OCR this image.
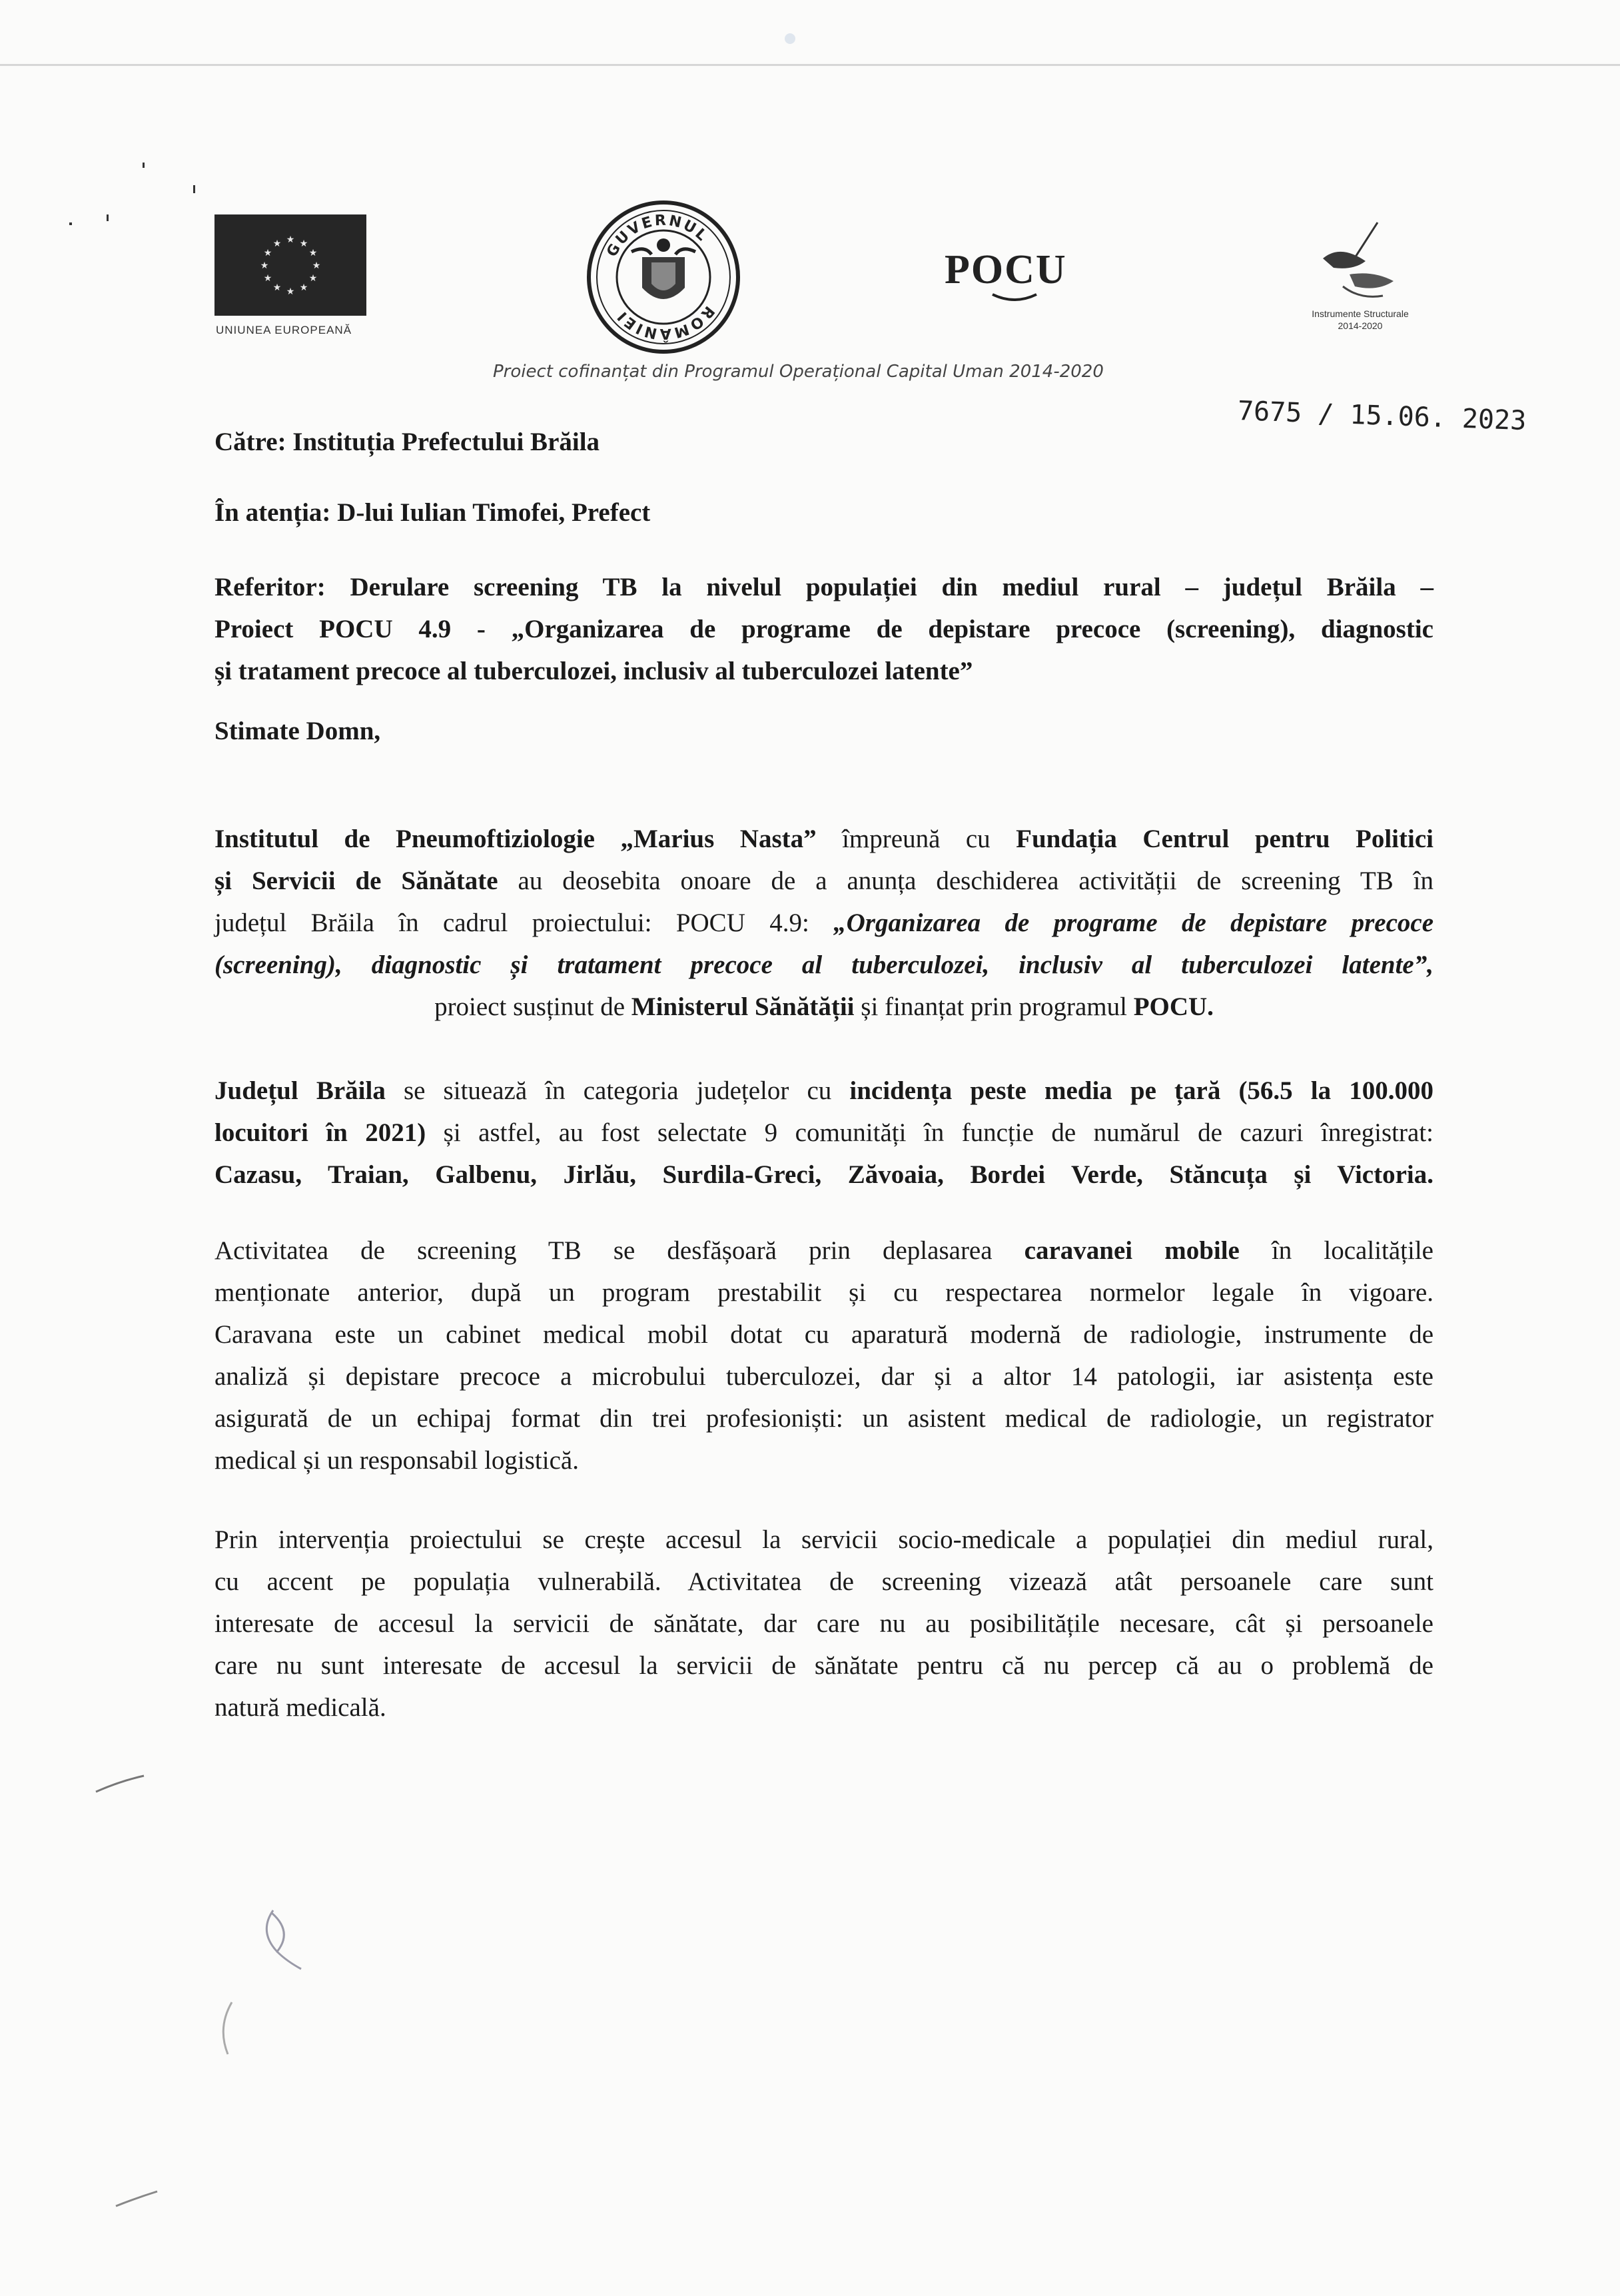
★ ★
★
★
★
★
★
★
★
★
★
★
UNIUNEA EUROPEANĂ
GUVERNUL
ROMÂNIEI
POCU
Instrumente Structurale
2014-2020
Proiect cofinanțat din Programul Operațional Capital Uman 2014-2020
7675 / 15.06. 2023

Către: Instituția Prefectului Brăila

În atenția: D-lui Iulian Timofei, Prefect

Referitor: Derulare screening TB la nivelul populației din mediul rural – județul Brăila –
Proiect POCU 4.9 - „Organizarea de programe de depistare precoce (screening), diagnostic
și tratament precoce al tuberculozei, inclusiv al tuberculozei latente”

Stimate Domn,

Institutul de Pneumoftiziologie „Marius Nasta” împreună cu Fundația Centrul pentru Politici
și Servicii de Sănătate au deosebita onoare de a anunța deschiderea activității de screening TB în
județul Brăila în cadrul proiectului: POCU 4.9: „Organizarea de programe de depistare precoce
(screening), diagnostic și tratament precoce al tuberculozei, inclusiv al tuberculozei latente”,
proiect susținut de Ministerul Sănătății și finanțat prin programul POCU.
Județul Brăila se situează în categoria județelor cu incidența peste media pe țară (56.5 la 100.000
locuitori în 2021) și astfel, au fost selectate 9 comunități în funcție de numărul de cazuri înregistrat:
Cazasu, Traian, Galbenu, Jirlău, Surdila-Greci, Zăvoaia, Bordei Verde, Stăncuța și Victoria.
Activitatea de screening TB se desfășoară prin deplasarea caravanei mobile în localitățile
menționate anterior, după un program prestabilit și cu respectarea normelor legale în vigoare.
Caravana este un cabinet medical mobil dotat cu aparatură modernă de radiologie, instrumente de
analiză și depistare precoce a microbului tuberculozei, dar și a altor 14 patologii, iar asistența este
asigurată de un echipaj format din trei profesioniști: un asistent medical de radiologie, un registrator
medical și un responsabil logistică.
Prin intervenția proiectului se crește accesul la servicii socio-medicale a populației din mediul rural,
cu accent pe populația vulnerabilă. Activitatea de screening vizează atât persoanele care sunt
interesate de accesul la servicii de sănătate, dar care nu au posibilitățile necesare, cât și persoanele
care nu sunt interesate de accesul la servicii de sănătate pentru că nu percep că au o problemă de
natură medicală.
